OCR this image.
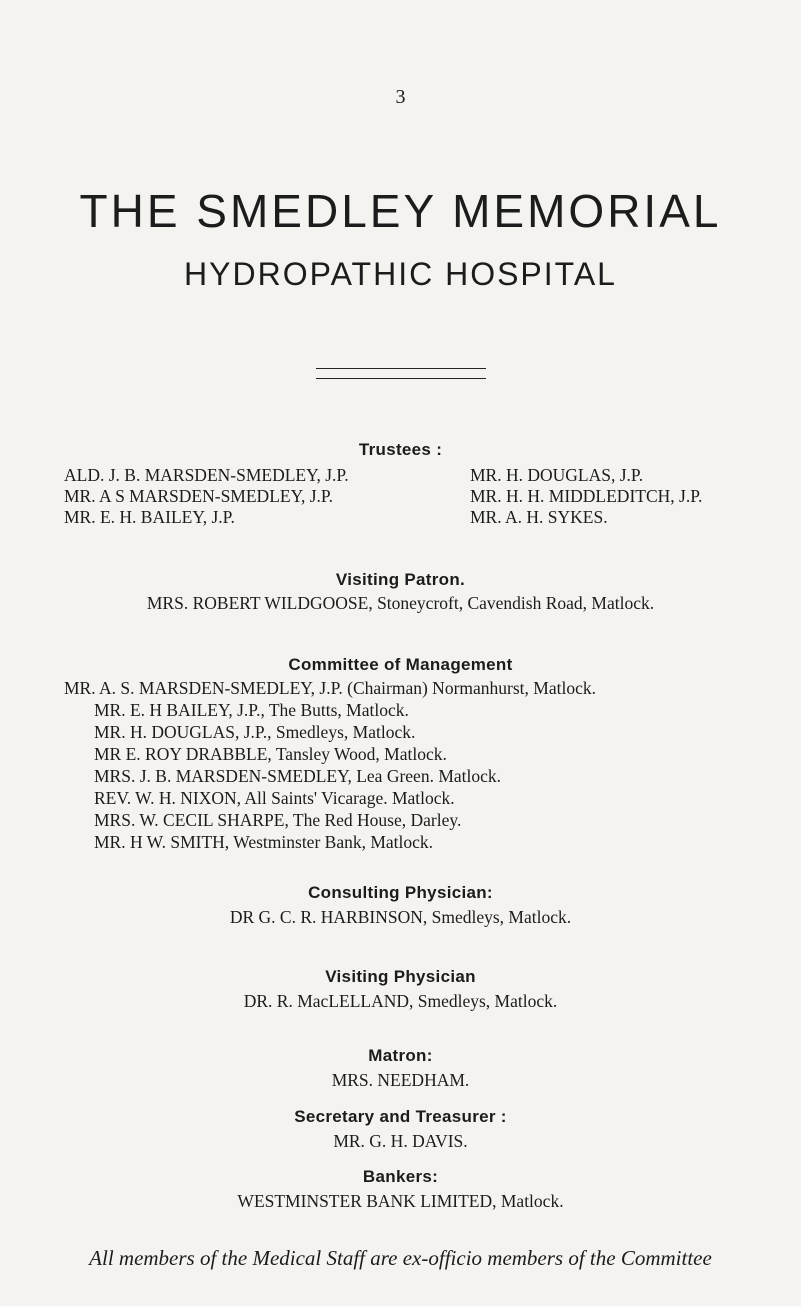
3
THE SMEDLEY MEMORIAL
HYDROPATHIC HOSPITAL
Trustees :
ALD. J. B. MARSDEN-SMEDLEY, J.P.
MR. A S MARSDEN-SMEDLEY, J.P.
MR. E. H. BAILEY, J.P.
MR. H. DOUGLAS, J.P.
MR. H. H. MIDDLEDITCH, J.P.
MR. A. H. SYKES.
Visiting Patron.
MRS. ROBERT WILDGOOSE, Stoneycroft, Cavendish Road, Matlock.
Committee of Management
MR. A. S. MARSDEN-SMEDLEY, J.P. (Chairman) Normanhurst, Matlock.
MR. E. H BAILEY, J.P., The Butts, Matlock.
MR. H. DOUGLAS, J.P., Smedleys, Matlock.
MR E. ROY DRABBLE, Tansley Wood, Matlock.
MRS. J. B. MARSDEN-SMEDLEY, Lea Green. Matlock.
REV. W. H. NIXON, All Saints' Vicarage. Matlock.
MRS. W. CECIL SHARPE, The Red House, Darley.
MR. H W. SMITH, Westminster Bank, Matlock.
Consulting Physician:
DR G. C. R. HARBINSON, Smedleys, Matlock.
Visiting Physician
DR. R. MacLELLAND, Smedleys, Matlock.
Matron:
MRS. NEEDHAM.
Secretary and Treasurer :
MR. G. H. DAVIS.
Bankers:
WESTMINSTER BANK LIMITED, Matlock.
All members of the Medical Staff are ex-officio members of the Committee
